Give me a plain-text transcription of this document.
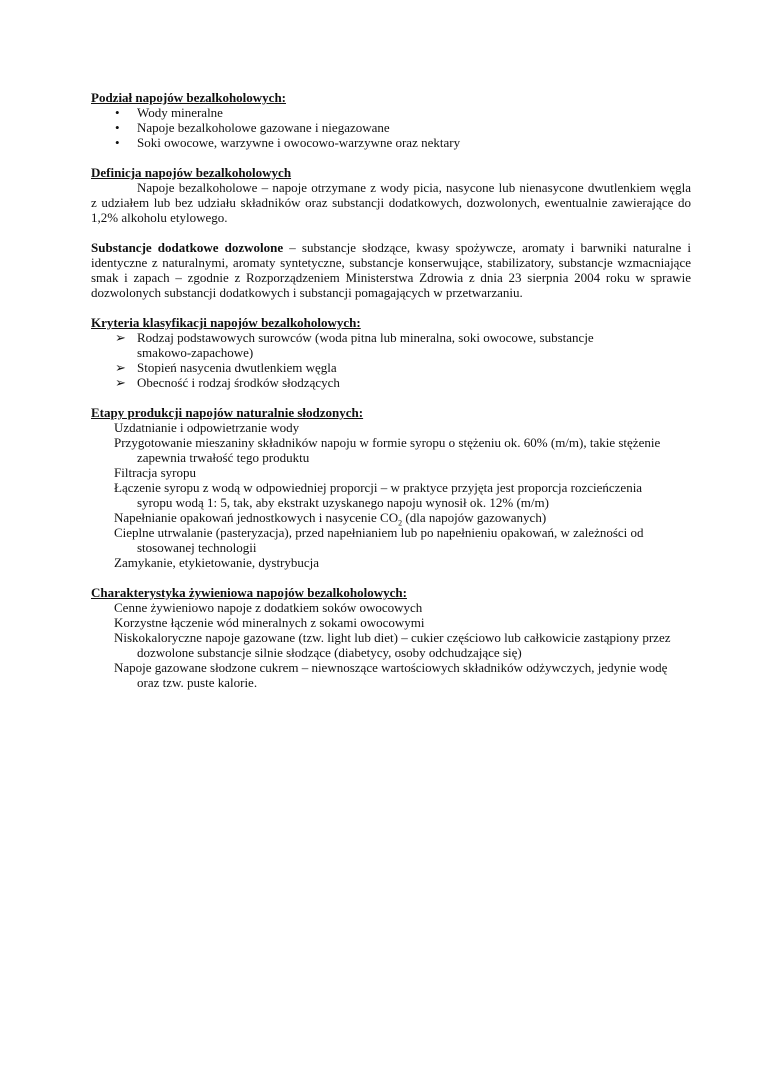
Podział napojów bezalkoholowych:
• Wody mineralne
• Napoje bezalkoholowe gazowane i niegazowane
• Soki owocowe, warzywne i owocowo-warzywne oraz nektary
Definicja napojów bezalkoholowych
Napoje bezalkoholowe – napoje otrzymane z wody picia, nasycone lub nienasycone dwutlenkiem węgla
z udziałem lub bez udziału składników oraz substancji dodatkowych, dozwolonych, ewentualnie zawierające do
1,2% alkoholu etylowego.
Substancje dodatkowe dozwolone – substancje słodzące, kwasy spożywcze, aromaty i barwniki naturalne i
identyczne z naturalnymi, aromaty syntetyczne, substancje konserwujące, stabilizatory, substancje wzmacniające
smak i zapach – zgodnie z Rozporządzeniem Ministerstwa Zdrowia z dnia 23 sierpnia 2004 roku w sprawie
dozwolonych substancji dodatkowych i substancji pomagających w przetwarzaniu.
Kryteria klasyfikacji napojów bezalkoholowych:
➢ Rodzaj podstawowych surowców (woda pitna lub mineralna, soki owocowe, substancje
smakowo-zapachowe)
➢ Stopień nasycenia dwutlenkiem węgla
➢ Obecność i rodzaj środków słodzących
Etapy produkcji napojów naturalnie słodzonych:
Uzdatnianie i odpowietrzanie wody
Przygotowanie mieszaniny składników napoju w formie syropu o stężeniu ok. 60% (m/m), takie stężenie
zapewnia trwałość tego produktu
Filtracja syropu
Łączenie syropu z wodą w odpowiedniej proporcji – w praktyce przyjęta jest proporcja rozcieńczenia
syropu wodą 1: 5, tak, aby ekstrakt uzyskanego napoju wynosił ok. 12% (m/m)
Napełnianie opakowań jednostkowych i nasycenie $CO_2$ (dla napojów gazowanych)
Cieplne utrwalanie (pasteryzacja), przed napełnianiem lub po napełnieniu opakowań, w zależności od
stosowanej technologii
Zamykanie, etykietowanie, dystrybucja
Charakterystyka żywieniowa napojów bezalkoholowych:
Cenne żywieniowo napoje z dodatkiem soków owocowych
Korzystne łączenie wód mineralnych z sokami owocowymi
Niskokaloryczne napoje gazowane (tzw. light lub diet) – cukier częściowo lub całkowicie zastąpiony przez
dozwolone substancje silnie słodzące (diabetycy, osoby odchudzające się)
Napoje gazowane słodzone cukrem – niewnoszące wartościowych składników odżywczych, jedynie wodę
oraz tzw. puste kalorie.
